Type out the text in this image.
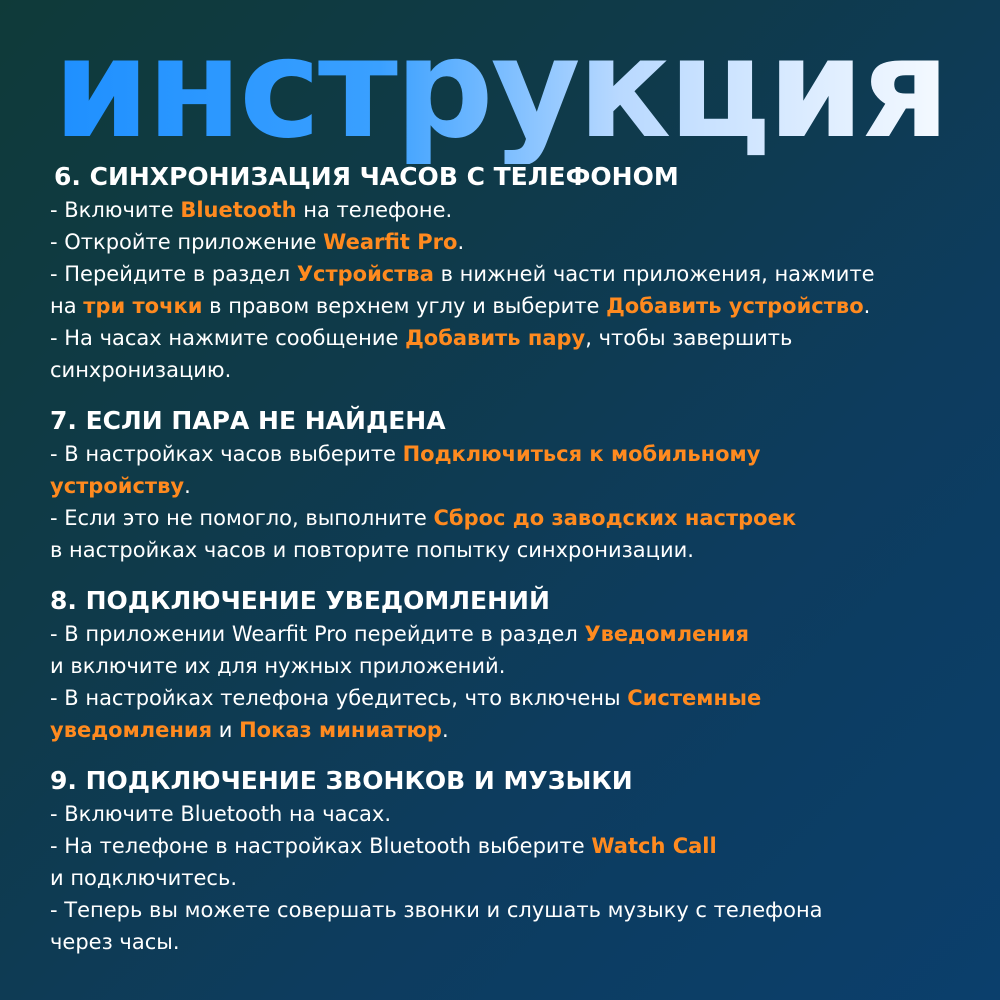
инструкция
6. СИНХРОНИЗАЦИЯ ЧАСОВ С ТЕЛЕФОНОМ
- Включите Bluetooth на телефоне.
- Откройте приложение Wearfit Pro.
- Перейдите в раздел Устройства в нижней части приложения, нажмите
на три точки в правом верхнем углу и выберите Добавить устройство.
- На часах нажмите сообщение Добавить пару, чтобы завершить
синхронизацию.
7. ЕСЛИ ПАРА НЕ НАЙДЕНА
- В настройках часов выберите Подключиться к мобильному
устройству.
- Если это не помогло, выполните Сброс до заводских настроек
в настройках часов и повторите попытку синхронизации.
8. ПОДКЛЮЧЕНИЕ УВЕДОМЛЕНИЙ
- В приложении Wearfit Pro перейдите в раздел Уведомления
и включите их для нужных приложений.
- В настройках телефона убедитесь, что включены Системные
уведомления и Показ миниатюр.
9. ПОДКЛЮЧЕНИЕ ЗВОНКОВ И МУЗЫКИ
- Включите Bluetooth на часах.
- На телефоне в настройках Bluetooth выберите Watch Call
и подключитесь.
- Теперь вы можете совершать звонки и слушать музыку с телефона
через часы.
